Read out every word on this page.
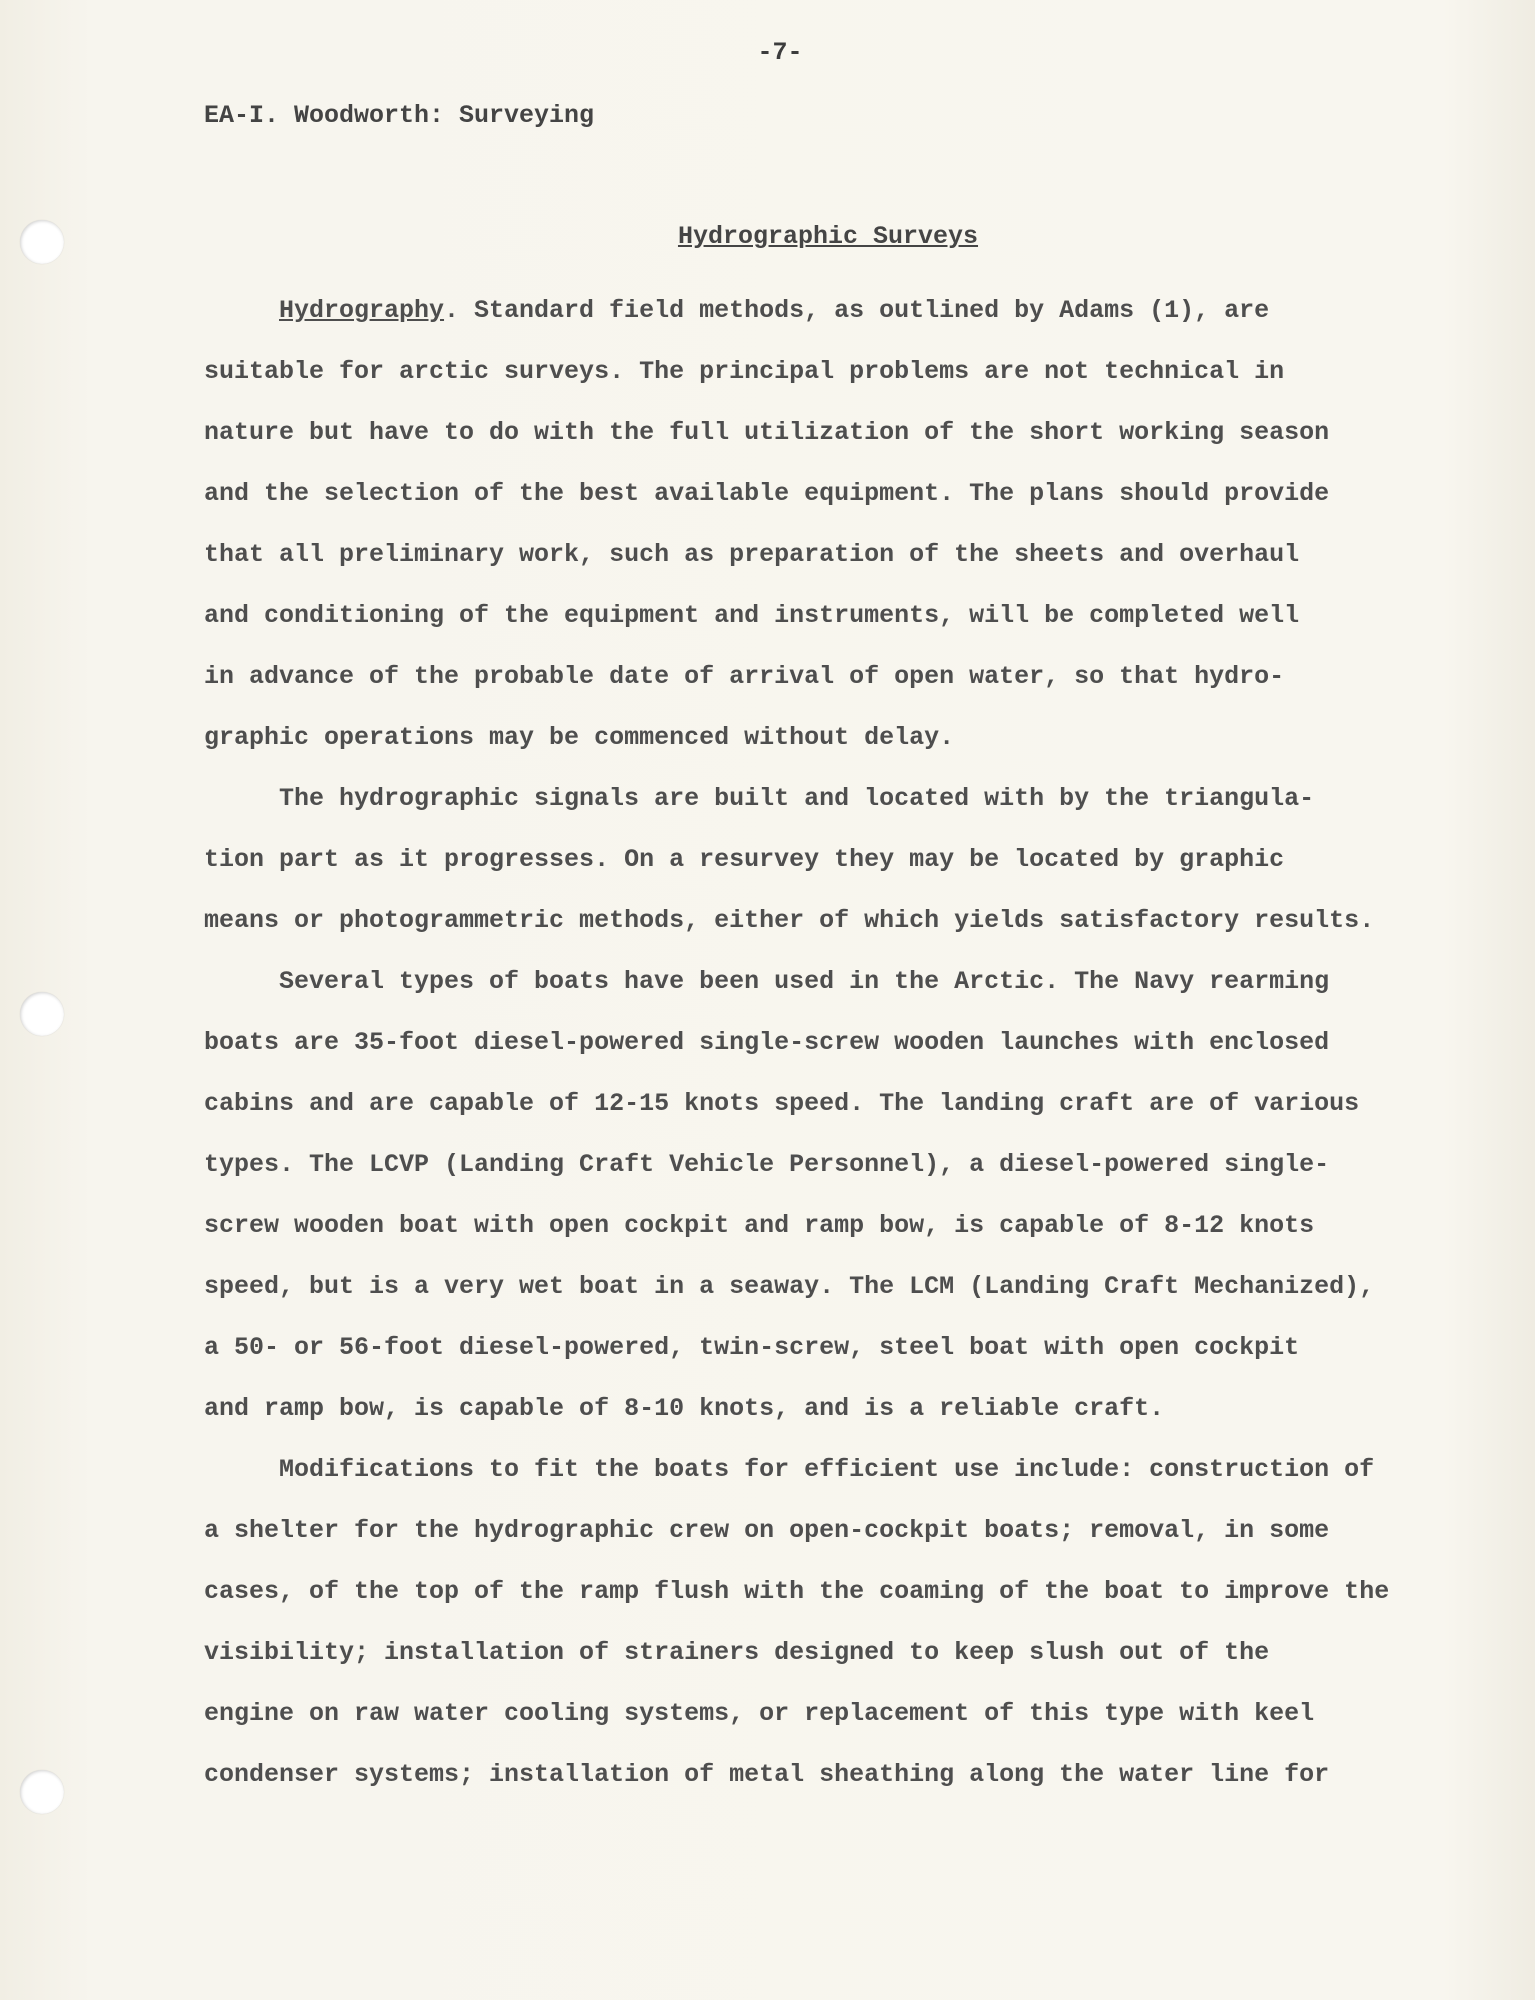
-7-
EA-I. Woodworth: Surveying
Hydrographic Surveys

Hydrography. Standard field methods, as outlined by Adams (1), are

suitable for arctic surveys. The principal problems are not technical in

nature but have to do with the full utilization of the short working season

and the selection of the best available equipment. The plans should provide

that all preliminary work, such as preparation of the sheets and overhaul

and conditioning of the equipment and instruments, will be completed well

in advance of the probable date of arrival of open water, so that hydro-

graphic operations may be commenced without delay.

The hydrographic signals are built and located with by the triangula-

tion part as it progresses. On a resurvey they may be located by graphic

means or photogrammetric methods, either of which yields satisfactory results.

Several types of boats have been used in the Arctic. The Navy rearming

boats are 35-foot diesel-powered single-screw wooden launches with enclosed

cabins and are capable of 12-15 knots speed. The landing craft are of various

types. The LCVP (Landing Craft Vehicle Personnel), a diesel-powered single-

screw wooden boat with open cockpit and ramp bow, is capable of 8-12 knots

speed, but is a very wet boat in a seaway. The LCM (Landing Craft Mechanized),

a 50- or 56-foot diesel-powered, twin-screw, steel boat with open cockpit

and ramp bow, is capable of 8-10 knots, and is a reliable craft.

Modifications to fit the boats for efficient use include: construction of

a shelter for the hydrographic crew on open-cockpit boats; removal, in some

cases, of the top of the ramp flush with the coaming of the boat to improve the

visibility; installation of strainers designed to keep slush out of the

engine on raw water cooling systems, or replacement of this type with keel

condenser systems; installation of metal sheathing along the water line for
